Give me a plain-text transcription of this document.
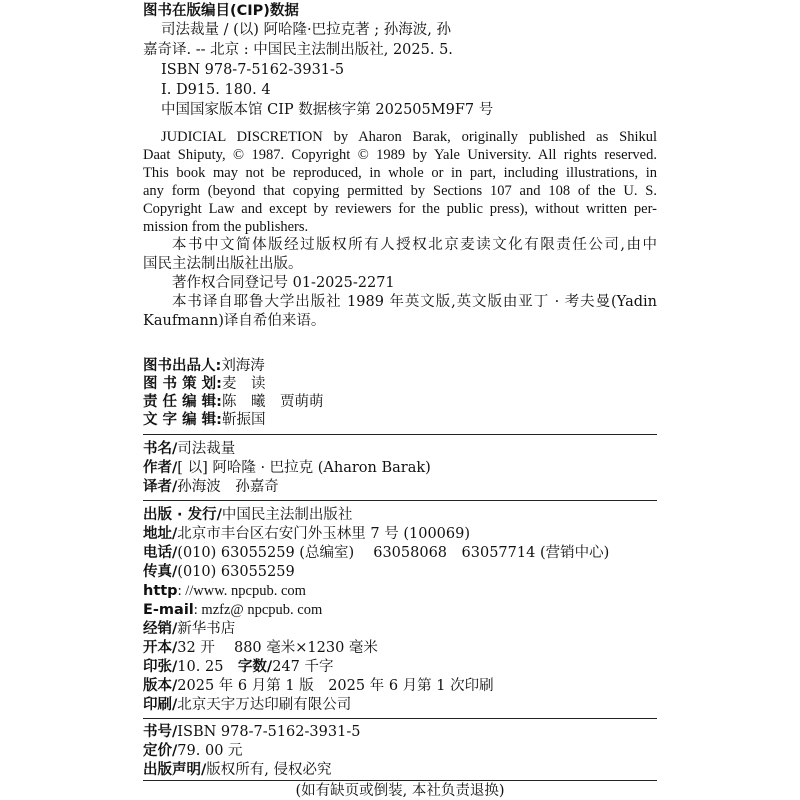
图书在版编目(CIP)数据
司法裁量 / (以) 阿哈隆·巴拉克著 ; 孙海波, 孙
嘉奇译. -- 北京 : 中国民主法制出版社, 2025. 5.
ISBN 978-7-5162-3931-5
Ⅰ. D915. 180. 4
中国国家版本馆 CIP 数据核字第 202505M9F7 号
JUDICIAL DISCRETION by Aharon Barak, originally published as Shikul
Daat Shiputy, © 1987. Copyright © 1989 by Yale University. All rights reserved.
This book may not be reproduced, in whole or in part, including illustrations, in
any form (beyond that copying permitted by Sections 107 and 108 of the U. S.
Copyright Law and except by reviewers for the public press), without written per-
mission from the publishers.
本书中文简体版经过版权所有人授权北京麦读文化有限责任公司,由中
国民主法制出版社出版。
著作权合同登记号 01-2025-2271
本书译自耶鲁大学出版社 1989 年英文版,英文版由亚丁 · 考夫曼(Yadin
Kaufmann)译自希伯来语。
图书出品人:刘海涛
图 书 策 划:麦　读
责 任 编 辑:陈　曦　贾萌萌
文 字 编 辑:靳振国
书名/司法裁量
作者/[ 以] 阿哈隆 · 巴拉克 (Aharon Barak)
译者/孙海波　孙嘉奇
出版 · 发行/中国民主法制出版社
地址/北京市丰台区右安门外玉林里 7 号 (100069)
电话/(010) 63055259 (总编室)　 63058068　63057714 (营销中心)
传真/(010) 63055259
http: //www. npcpub. com
E-mail: mzfz@ npcpub. com
经销/新华书店
开本/32 开　 880 毫米×1230 毫米
印张/10. 25　字数/247 千字
版本/2025 年 6 月第 1 版　2025 年 6 月第 1 次印刷
印刷/北京天宇万达印刷有限公司
书号/ISBN 978-7-5162-3931-5
定价/79. 00 元
出版声明/版权所有, 侵权必究
(如有缺页或倒装, 本社负责退换)
